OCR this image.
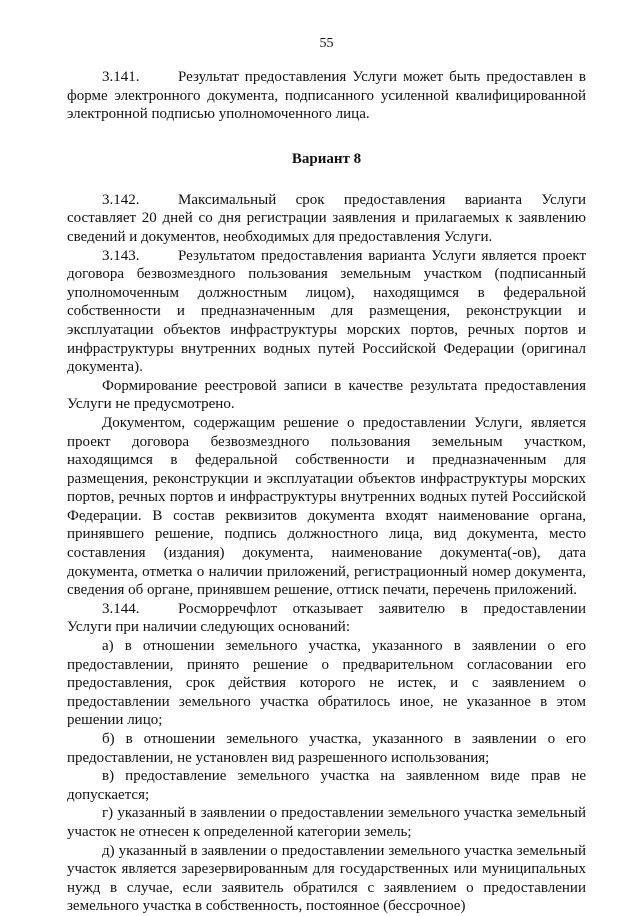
55

3.141.	Результат предоставления Услуги может быть предоставлен в форме электронного документа, подписанного усиленной квалифицированной электронной подписью уполномоченного лица.

Вариант 8

3.142.	Максимальный срок предоставления варианта Услуги составляет 20 дней со дня регистрации заявления и прилагаемых к заявлению сведений и документов, необходимых для предоставления Услуги.

3.143.	Результатом предоставления варианта Услуги является проект договора безвозмездного пользования земельным участком (подписанный уполномоченным должностным лицом), находящимся в федеральной собственности и предназначенным для размещения, реконструкции и эксплуатации объектов инфраструктуры морских портов, речных портов и инфраструктуры внутренних водных путей Российской Федерации (оригинал документа).

Формирование реестровой записи в качестве результата предоставления Услуги не предусмотрено.

Документом, содержащим решение о предоставлении Услуги, является проект договора безвозмездного пользования земельным участком, находящимся в федеральной собственности и предназначенным для размещения, реконструкции и эксплуатации объектов инфраструктуры морских портов, речных портов и инфраструктуры внутренних водных путей Российской Федерации. В состав реквизитов документа входят наименование органа, принявшего решение, подпись должностного лица, вид документа, место составления (издания) документа, наименование документа(-ов), дата документа, отметка о наличии приложений, регистрационный номер документа, сведения об органе, принявшем решение, оттиск печати, перечень приложений.

3.144.	Росморречфлот отказывает заявителю в предоставлении Услуги при наличии следующих оснований:

а) в отношении земельного участка, указанного в заявлении о его предоставлении, принято решение о предварительном согласовании его предоставления, срок действия которого не истек, и с заявлением о предоставлении земельного участка обратилось иное, не указанное в этом решении лицо;

б) в отношении земельного участка, указанного в заявлении о его предоставлении, не установлен вид разрешенного использования;

в) предоставление земельного участка на заявленном виде прав не допускается;

г) указанный в заявлении о предоставлении земельного участка земельный участок не отнесен к определенной категории земель;

д) указанный в заявлении о предоставлении земельного участка земельный участок является зарезервированным для государственных или муниципальных нужд в случае, если заявитель обратился с заявлением о предоставлении земельного участка в собственность, постоянное (бессрочное)
